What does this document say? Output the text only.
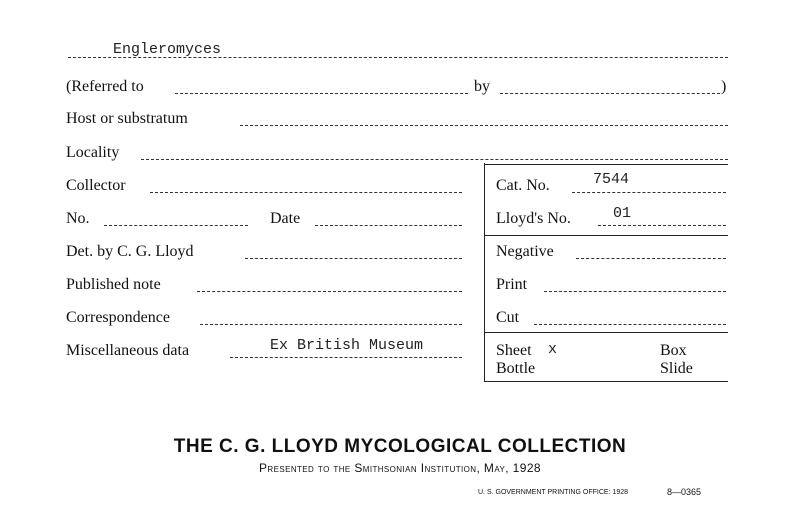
Engleromyces
(Referred to	by	)
Host or substratum
Locality
Collector	Cat. No.	7544
No.	Date	Lloyd's No.	01
Det. by C. G. Lloyd	Negative
Published note	Print
Correspondence	Cut
Miscellaneous data	Ex British Museum	Sheet x	Box
Bottle	Slide
THE C. G. LLOYD MYCOLOGICAL COLLECTION
Presented to the Smithsonian Institution, May, 1928
U. S. GOVERNMENT PRINTING OFFICE: 1928	8—0365
